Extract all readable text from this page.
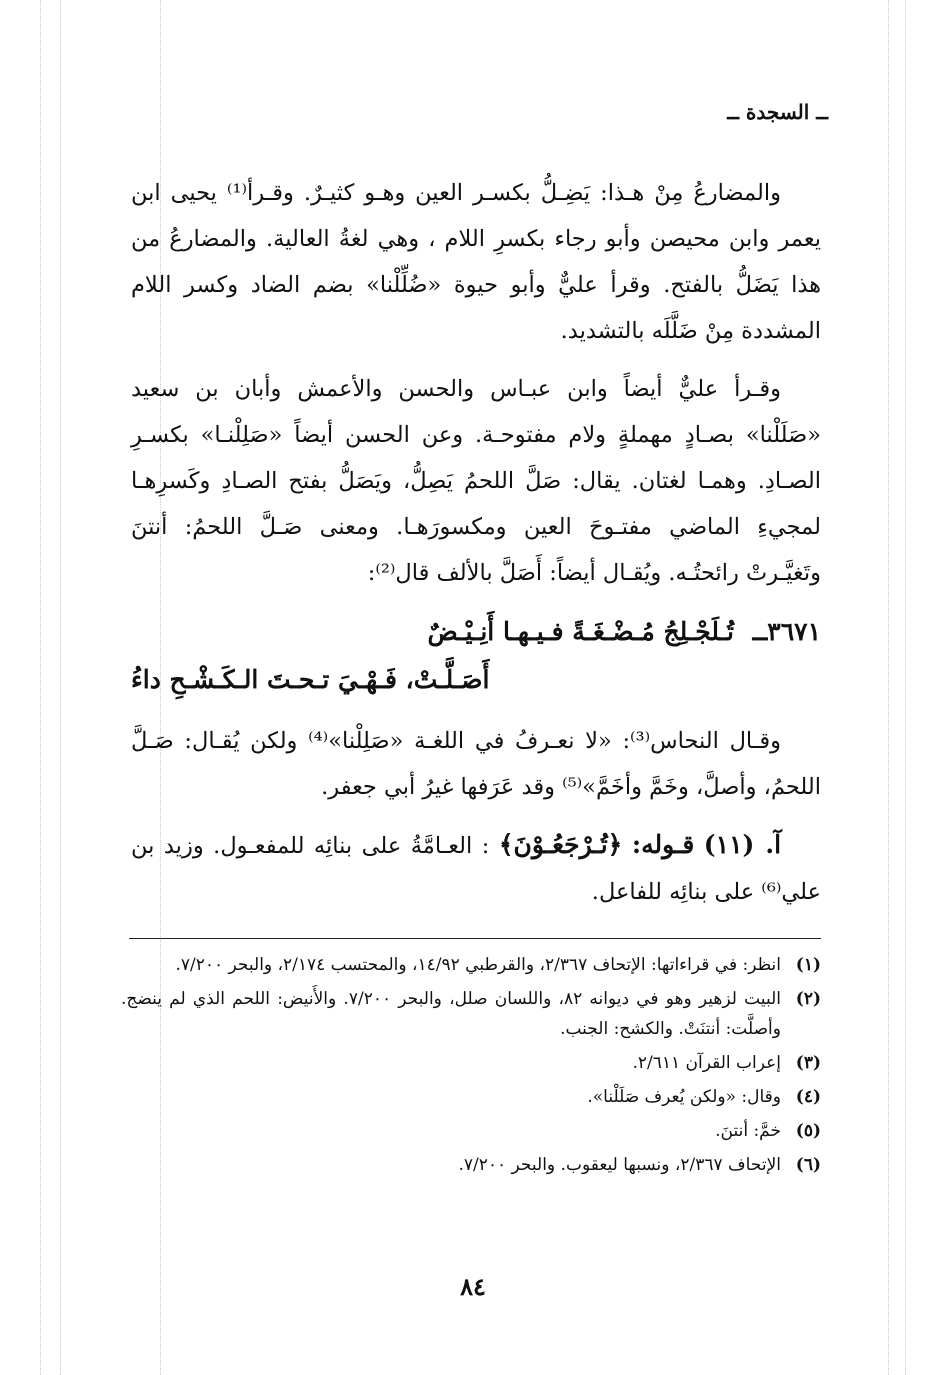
ــ السجدة ــ

والمضارعُ مِنْ هـذا: يَضِـلُّ بكسـر العين وهـو كثيـرٌ. وقـرأ⁽¹⁾ يحيى ابن يعمر وابن محيصن وأبو رجاء بكسرِ اللام ، وهي لغةُ العالية. والمضارعُ من هذا يَضَلُّ بالفتح. وقرأ عليٌّ وأبو حيوة «ضُلِّلْنا» بضم الضاد وكسر اللام المشددة مِنْ ضَلَّلَه بالتشديد.

وقـرأ عليٌّ أيضاً وابن عبـاس والحسن والأعمش وأبان بن سعيد «صَلَلْنا» بصـادٍ مهملةٍ ولام مفتوحـة. وعن الحسن أيضاً «صَلِلْنـا» بكسـرِ الصـادِ. وهمـا لغتان. يقال: صَلَّ اللحمُ يَصِلُّ، ويَصَلُّ بفتح الصـادِ وكَسرِهـا لمجيءِ الماضي مفتـوحَ العين ومكسورَهـا. ومعنى صَـلَّ اللحمُ: أنتنَ وتَغيَّـرتْ رائحتُـه. ويُقـال أيضاً: أَصَلَّ بالألف قال⁽²⁾:

٣٦٧١ــ تُـلَجْـلِجُ مُـضْـغَـةً فـيـهـا أَنِـيْـضٌ
أَصَـلَّـتْ، فَـهْـيَ تـحـتَ الـكَـشْـحِ داءُ

وقـال النحاس⁽³⁾: «لا نعـرفُ في اللغـة «صَلِلْنا»⁽⁴⁾ ولكن يُقـال: صَـلَّ اللحمُ، وأصلَّ، وخَمَّ وأخَمَّ»⁽⁵⁾ وقد عَرَفها غيرُ أبي جعفر.

آ. (١١) قـوله: ﴿تُـرْجَعُـوْنَ﴾ : العـامَّةُ على بنائِه للمفعـول. وزيد بن علي⁽⁶⁾ على بنائِه للفاعل.

(١)
انظر: في قراءاتها: الإتحاف ٢/٣٦٧، والقرطبي ١٤/٩٢، والمحتسب ٢/١٧٤، والبحر ٧/٢٠٠.
(٢)
البيت لزهير وهو في ديوانه ٨٢، واللسان صلل، والبحر ٧/٢٠٠. والأَنيض: اللحم الذي لم ينضج. وأصلَّت: أنتنَتْ. والكشح: الجنب.
(٣)
إعراب القرآن ٢/٦١١.
(٤)
وقال: «ولكن يُعرف صَلَلْنا».
(٥)
خمَّ: أنتنَ.
(٦)
الإتحاف ٢/٣٦٧، ونسبها ليعقوب. والبحر ٧/٢٠٠.
٨٤
